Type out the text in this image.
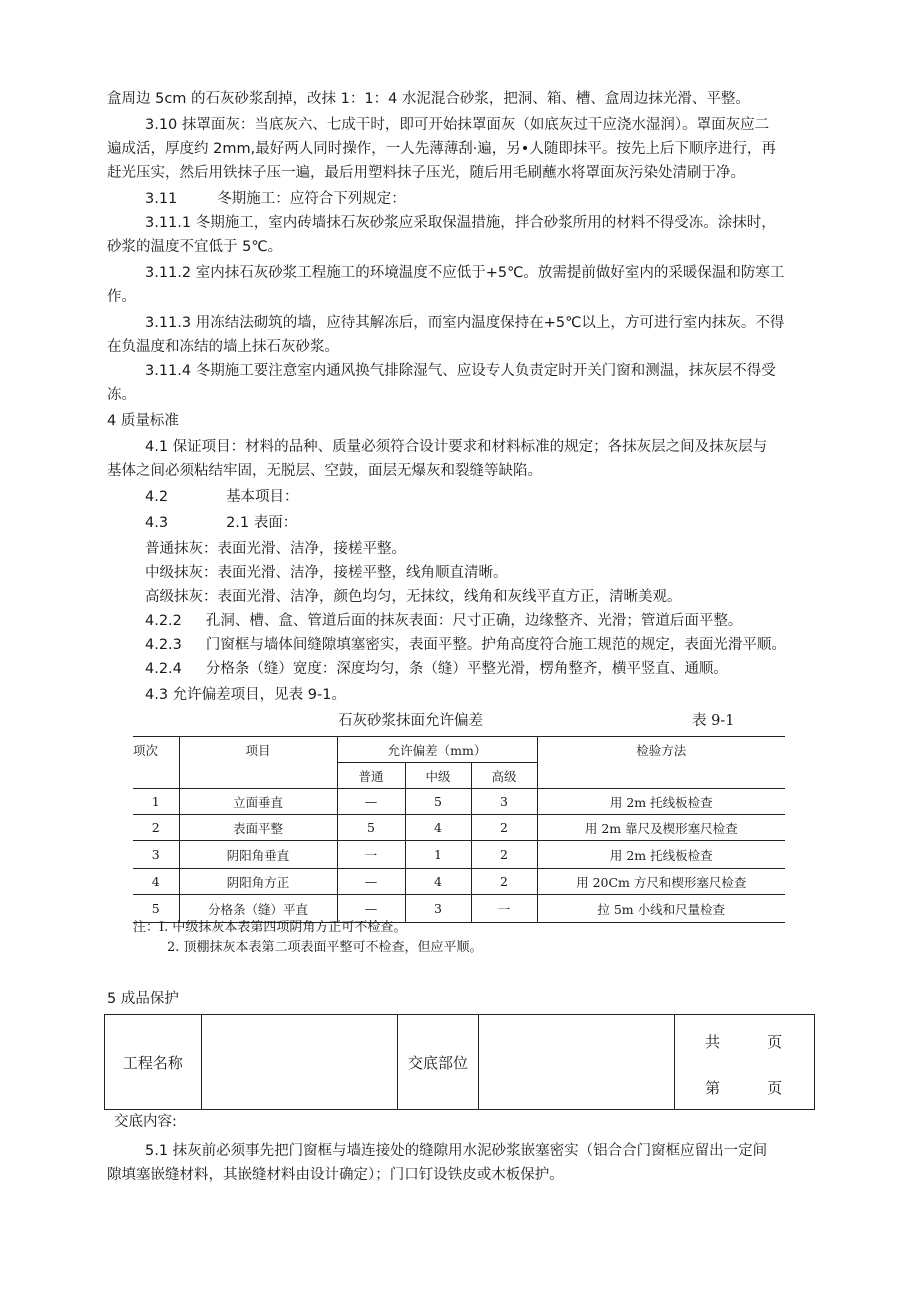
盒周边 5cm 的石灰砂浆刮掉，改抹 1：1：4 水泥混合砂浆，把洞、箱、槽、盒周边抹光滑、平整。
3.10 抹罩面灰：当底灰六、七成干时，即可开始抹罩面灰（如底灰过干应浇水湿润）。罩面灰应二
遍成活，厚度约 2mm,最好两人同时操作，一人先薄薄刮·遍，另•人随即抹平。按先上后下顺序进行，再
赶光压实，然后用铁抹子压一遍，最后用塑料抹子压光，随后用毛刷蘸水将罩面灰污染处清刷于净。
3.11	冬期施工：应符合下列规定：
3.11.1 冬期施工，室内砖墙抹石灰砂浆应采取保温措施，拌合砂浆所用的材料不得受冻。涂抹时，
砂浆的温度不宜低于 5℃。
3.11.2 室内抹石灰砂浆工程施工的环境温度不应低于+5℃。放需提前做好室内的采暖保温和防寒工
作。
3.11.3 用冻结法砌筑的墙，应待其解冻后，而室内温度保持在+5℃以上，方可进行室内抹灰。不得
在负温度和冻结的墙上抹石灰砂浆。
3.11.4 冬期施工要注意室内通风换气排除湿气、应设专人负责定时开关门窗和测温，抹灰层不得受
冻。
4 质量标准
4.1 保证项目：材料的品种、质量必须符合设计要求和材料标准的规定；各抹灰层之间及抹灰层与
基体之间必须粘结牢固，无脱层、空鼓，面层无爆灰和裂缝等缺陷。
4.2	基本项目：
4.3	2.1 表面：
普通抹灰：表面光滑、洁净，接槎平整。
中级抹灰：表面光滑、洁净，接槎平整，线角顺直清晰。
高级抹灰：表面光滑、洁净，颜色均匀，无抹纹，线角和灰线平直方正，清晰美观。
4.2.2 孔洞、槽、盒、管道后面的抹灰表面：尺寸正确，边缘整齐、光滑；管道后面平整。
4.2.3 门窗框与墙体间缝隙填塞密实，表面平整。护角高度符合施工规范的规定，表面光滑平顺。
4.2.4 分格条（缝）宽度：深度均匀，条（缝）平整光滑，楞角整齐，横平竖直、通顺。
4.3 允许偏差项目，见表 9-1。
石灰砂浆抹面允许偏差	表 9-1
项次	项目	允许偏差（mm）			检验方法
		普通	中级	高级	
1	立面垂直	—	5	3	用 2m 托线板检查
2	表面平整	5	4	2	用 2m 靠尺及楔形塞尺检查
3	阴阳角垂直	一	1	2	用 2m 托线板检查
4	阴阳角方正	—	4	2	用 20Cm 方尺和楔形塞尺检查
5	分格条（缝）平直	—	3	一	拉 5m 小线和尺量检查
注：I. 中级抹灰本表第四项阴角方正可不检查。
2. 顶棚抹灰本表第二项表面平整可不检查，但应平顺。
5 成品保护
工程名称		交底部位		
共	页
第	页
交底内容:
5.1 抹灰前必须事先把门窗框与墙连接处的缝隙用水泥砂浆嵌塞密实（铝合合门窗框应留出一定间
隙填塞嵌缝材料，其嵌缝材料由设计确定）；门口钉设铁皮或木板保护。
